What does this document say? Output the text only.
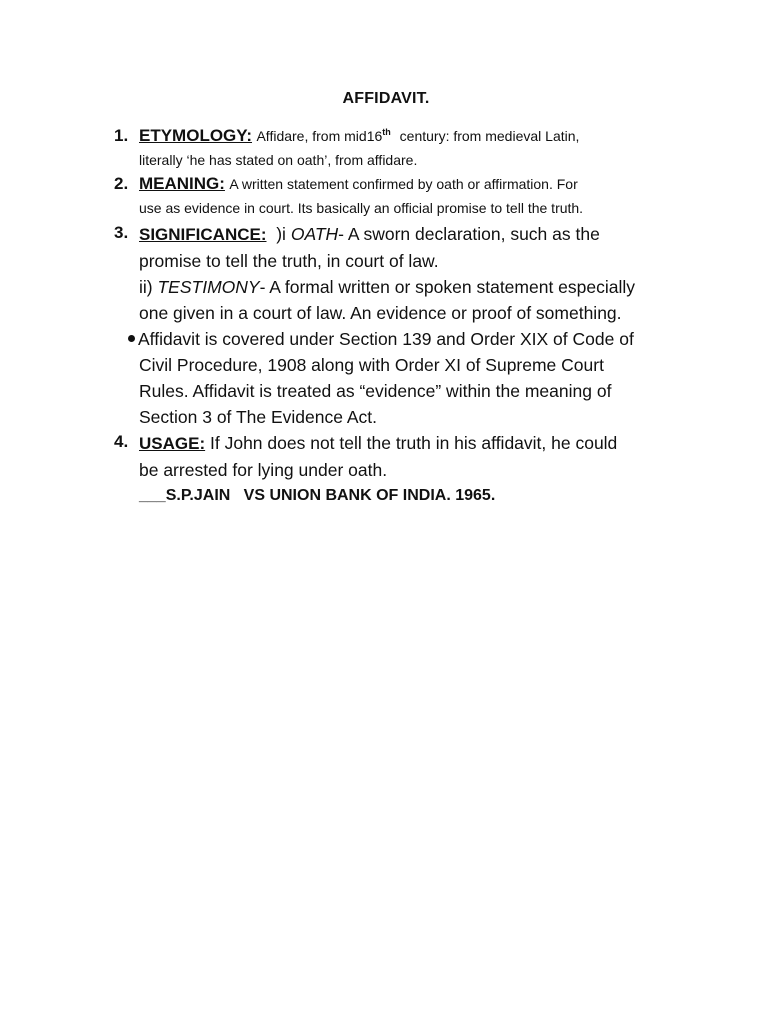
AFFIDAVIT.
1. ETYMOLOGY: Affidare, from mid16th century: from medieval Latin,
literally ‘he has stated on oath’, from affidare.
2. MEANING: A written statement confirmed by oath or affirmation. For
use as evidence in court. Its basically an official promise to tell the truth.
3. SIGNIFICANCE: )i OATH- A sworn declaration, such as the
promise to tell the truth, in court of law.
ii) TESTIMONY- A formal written or spoken statement especially
one given in a court of law. An evidence or proof of something.
Affidavit is covered under Section 139 and Order XIX of Code of
Civil Procedure, 1908 along with Order XI of Supreme Court
Rules. Affidavit is treated as “evidence” within the meaning of
Section 3 of The Evidence Act.
4. USAGE: If John does not tell the truth in his affidavit, he could
be arrested for lying under oath.
___S.P.JAIN   VS UNION BANK OF INDIA. 1965.
